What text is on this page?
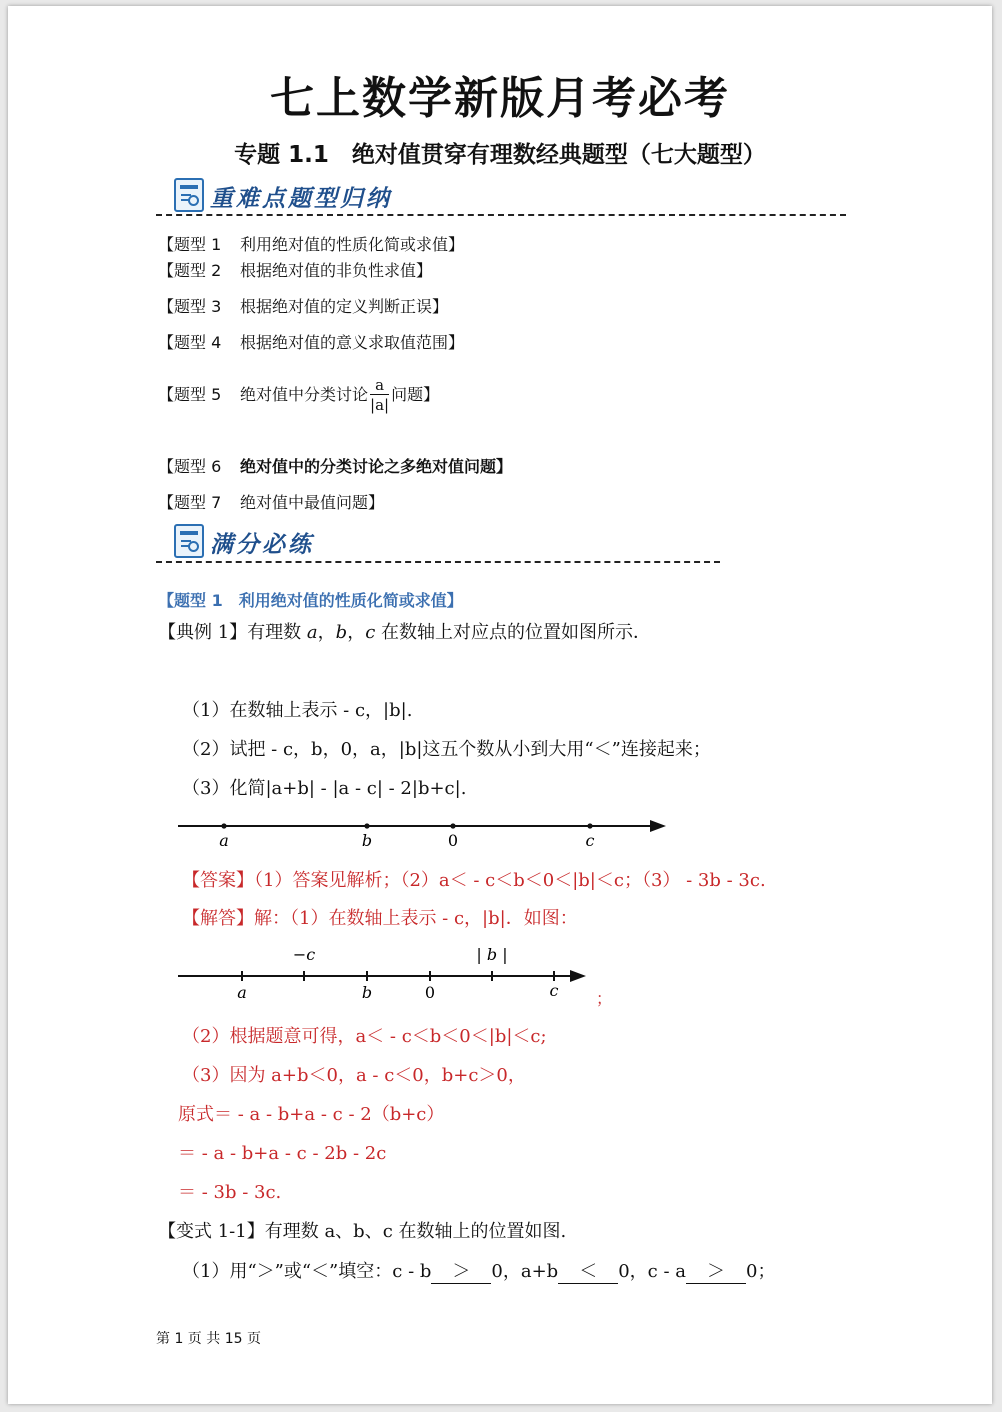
七上数学新版月考必考
专题 1.1　绝对值贯穿有理数经典题型（七大题型）
重难点题型归纳
【题型 1 利用绝对值的性质化简或求值】
【题型 2 根据绝对值的非负性求值】
【题型 3 根据绝对值的定义判断正误】
【题型 4 根据绝对值的意义求取值范围】
【题型 5 绝对值中分类讨论 $\frac{a}{|a|}$ 问题】
【题型 6 绝对值中的分类讨论之多绝对值问题】
【题型 7 绝对值中最值问题】
满分必练
【题型 1　利用绝对值的性质化简或求值】
【典例 1】有理数 a，b，c 在数轴上对应点的位置如图所示．
（1）在数轴上表示 - c，|b|.
（2）试把 - c，b，0，a，|b|这五个数从小到大用“＜”连接起来；
（3）化简|a+b| - |a - c| - 2|b+c|.
a	b	0	c
【答案】（1）答案见解析；（2）a＜ - c＜b＜0＜|b|＜c；（3） - 3b - 3c.
【解答】解：（1）在数轴上表示 - c，|b|．如图：
−c	| b |
a	b	0	c ；
（2）根据题意可得，a＜ - c＜b＜0＜|b|＜c;
（3）因为 a+b＜0，a - c＜0，b+c＞0，
原式＝ - a - b+a - c - 2（b+c）
＝ - a - b+a - c - 2b - 2c
＝ - 3b - 3c.
【变式 1-1】有理数 a、b、c 在数轴上的位置如图.
（1）用“＞”或“＜”填空：c - b ＞ 0，a+b ＜ 0，c - a ＞ 0；
第 1 页 共 15 页
